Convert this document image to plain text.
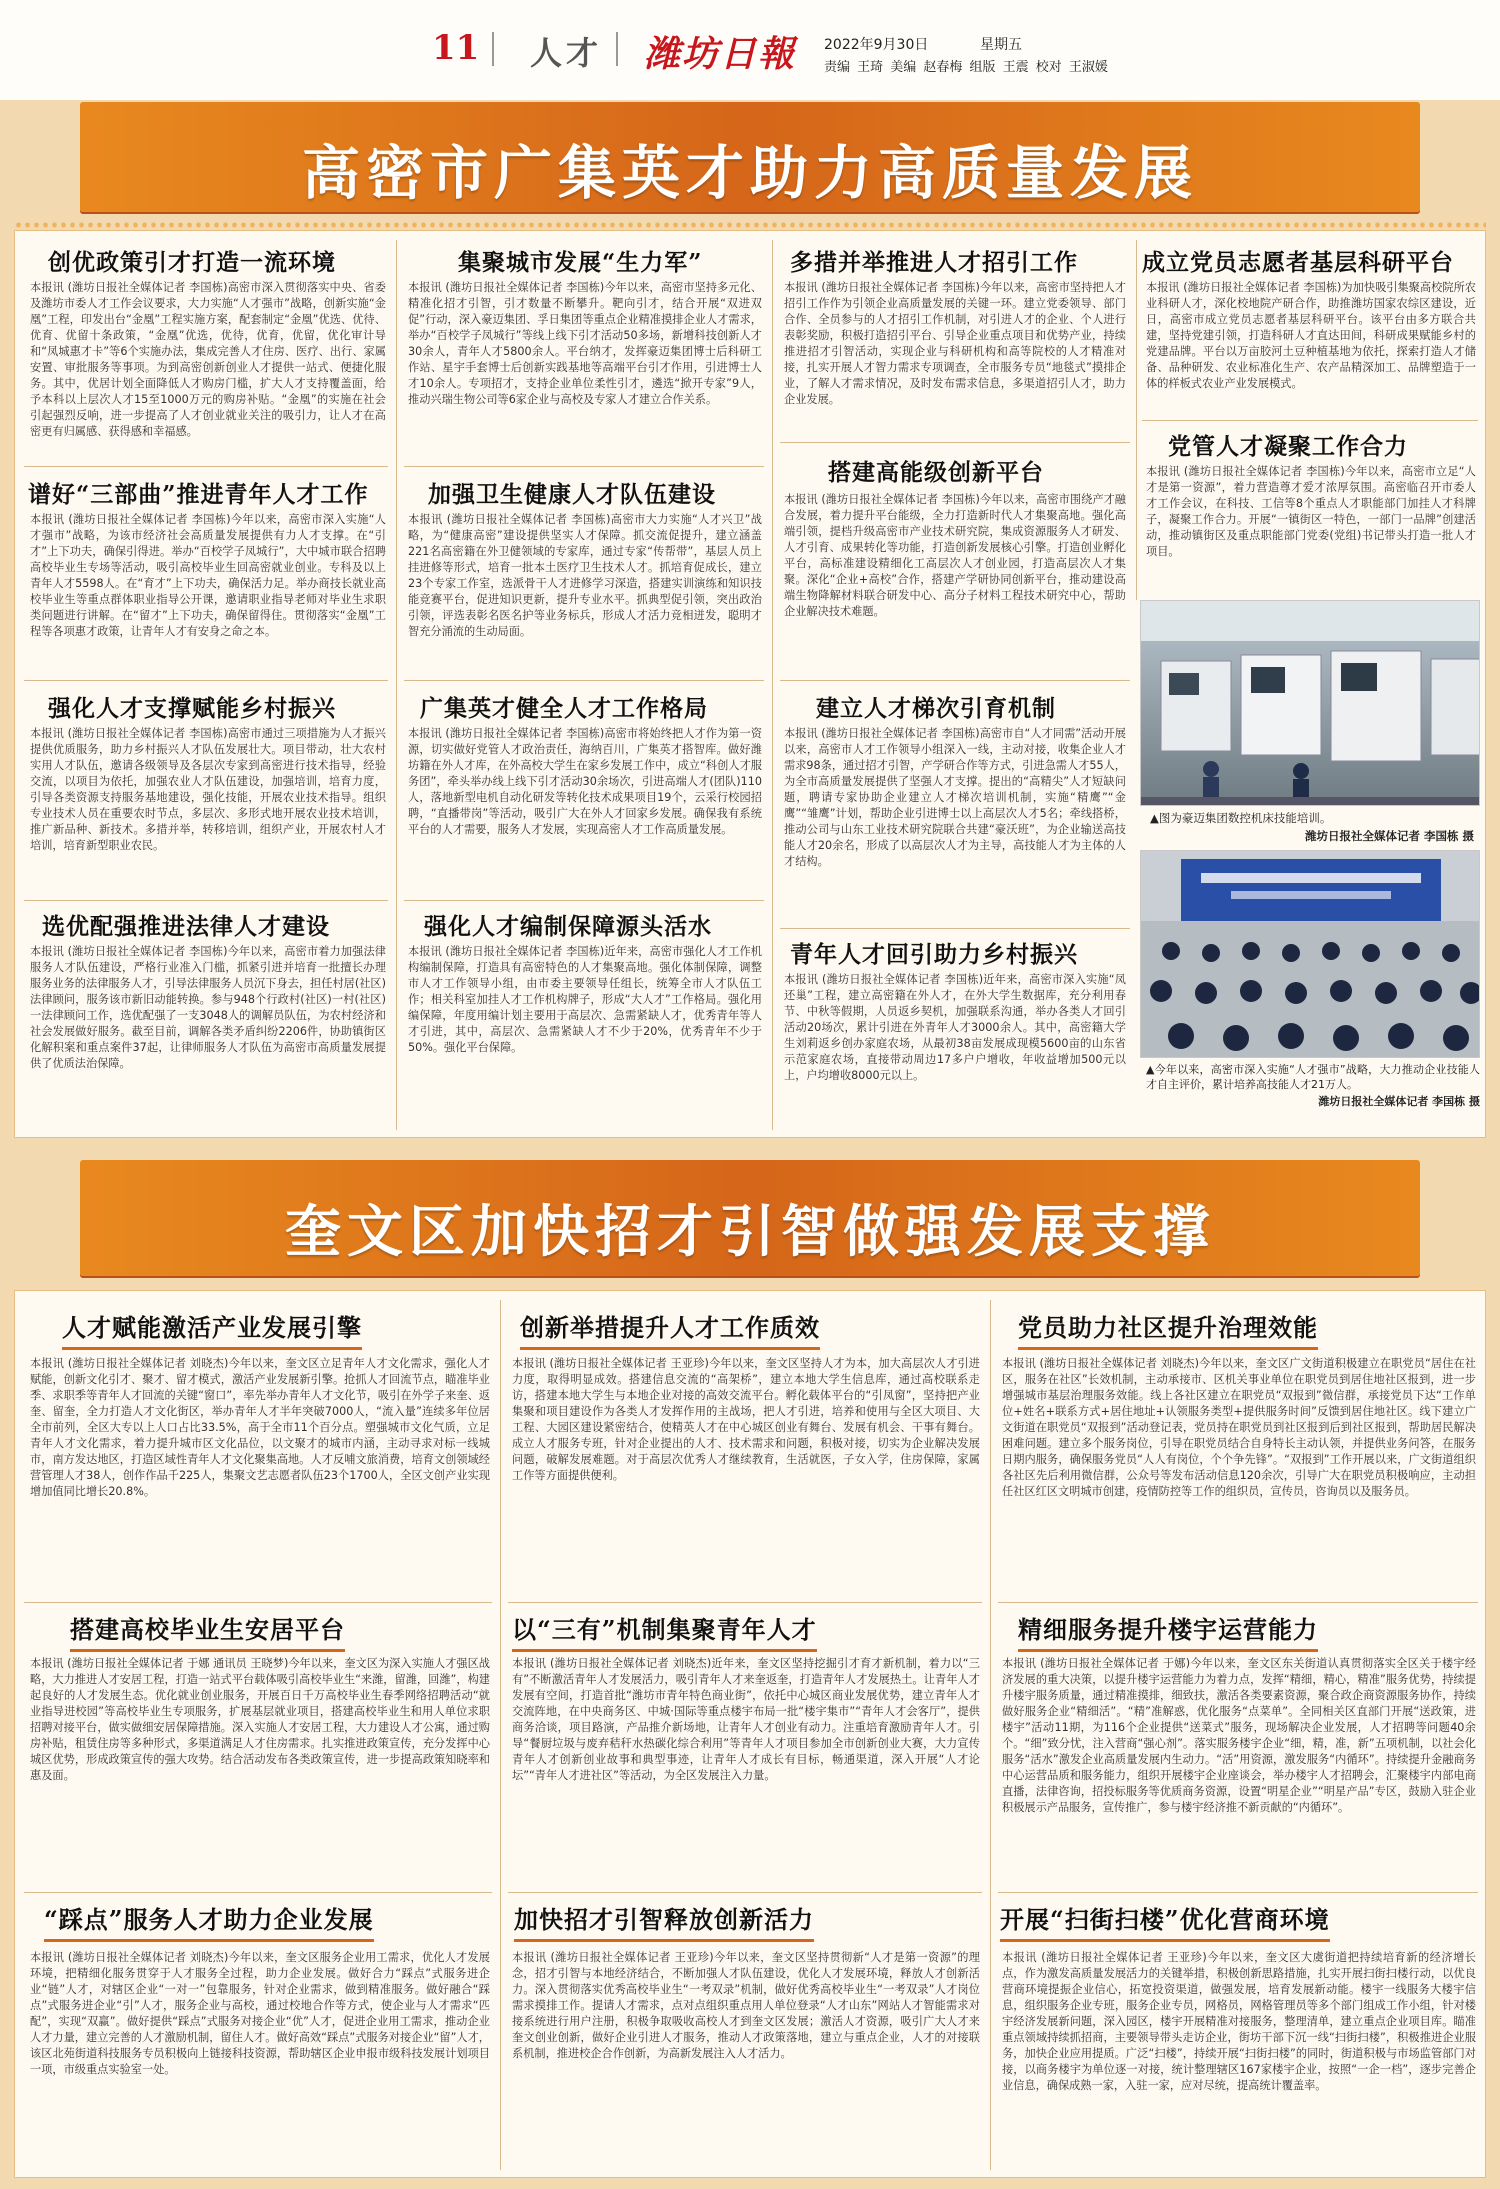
11 人才 潍坊日報 2022年9月30日	星期五
责编 王琦 美编 赵春梅 组版 王震 校对 王淑媛
高密市广集英才助力高质量发展
创优政策引才打造一流环境
本报讯 (潍坊日报社全媒体记者 李国栋)高密市深入贯彻落实中央、省委及潍坊市委人才工作会议要求，大力实施“人才强市”战略，创新实施“金凰”工程，印发出台“金凰”工程实施方案，配套制定“金凰”优选、优待、优育、优留十条政策，“金凰”优选，优待，优育，优留，优化审计导和“凤城惠才卡”等6个实施办法，集成完善人才住房、医疗、出行、家属安置、审批服务等事项。为到高密创新创业人才提供一站式、便捷化服务。其中，优居计划全面降低人才购房门槛，扩大人才支持覆盖面，给予本科以上层次人才15至1000万元的购房补贴。“金凰”的实施在社会引起强烈反响，进一步提高了人才创业就业关注的吸引力，让人才在高密更有归属感、获得感和幸福感。
集聚城市发展“生力军”
本报讯 (潍坊日报社全媒体记者 李国栋)今年以来，高密市坚持多元化、精准化招才引智，引才数量不断攀升。靶向引才，结合开展“双进双促”行动，深入豪迈集团、孚日集团等重点企业精准摸排企业人才需求，举办“百校学子凤城行”等线上线下引才活动50多场，新增科技创新人才30余人，青年人才5800余人。平台纳才，发挥豪迈集团博士后科研工作站、星宇手套博士后创新实践基地等高端平台引才作用，引进博士人才10余人。专项招才，支持企业单位柔性引才，遴选“掀开专家”9人，推动兴瑞生物公司等6家企业与高校及专家人才建立合作关系。
多措并举推进人才招引工作
本报讯 (潍坊日报社全媒体记者 李国栋)今年以来，高密市坚持把人才招引工作作为引领企业高质量发展的关键一环。建立党委领导、部门合作、全员参与的人才招引工作机制，对引进人才的企业、个人进行表彰奖励，积极打造招引平台、引导企业重点项目和优势产业，持续推进招才引智活动，实现企业与科研机构和高等院校的人才精准对接，扎实开展人才智力需求专项调查，全市服务专员“地毯式”摸排企业，了解人才需求情况，及时发布需求信息，多渠道招引人才，助力企业发展。
成立党员志愿者基层科研平台
本报讯 (潍坊日报社全媒体记者 李国栋)为加快吸引集聚高校院所农业科研人才，深化校地院产研合作，助推潍坊国家农综区建设，近日，高密市成立党员志愿者基层科研平台。该平台由多方联合共建，坚持党建引领，打造科研人才直达田间，科研成果赋能乡村的党建品牌。平台以万亩胶河土豆种植基地为依托，探索打造人才储备、品种研发、农业标准化生产、农产品精深加工、品牌塑造于一体的样板式农业产业发展模式。
谱好“三部曲”推进青年人才工作
本报讯 (潍坊日报社全媒体记者 李国栋)今年以来，高密市深入实施“人才强市”战略，为该市经济社会高质量发展提供有力人才支撑。在“引才”上下功夫，确保引得进。举办“百校学子凤城行”，大中城市联合招聘高校毕业生专场等活动，吸引高校毕业生回高密就业创业。专科及以上青年人才5598人。在“育才”上下功夫，确保活力足。举办商技长就业高校毕业生等重点群体职业指导公开课，邀请职业指导老师对毕业生求职类问题进行讲解。在“留才”上下功夫，确保留得住。贯彻落实“金凰”工程等各项惠才政策，让青年人才有安身之命之本。
加强卫生健康人才队伍建设
本报讯 (潍坊日报社全媒体记者 李国栋)高密市大力实施“人才兴卫”战略，为“健康高密”建设提供坚实人才保障。抓交流促提升，建立涵盖221名高密籍在外卫健领域的专家库，通过专家“传帮带”，基层人员上挂进修等形式，培育一批本土医疗卫生技术人才。抓培育促成长，建立23个专家工作室，选派骨干人才进修学习深造，搭建实训演练和知识技能竞赛平台，促进知识更新，提升专业水平。抓典型促引领，突出政治引领，评选表彰名医名护等业务标兵，形成人才活力竞相迸发，聪明才智充分涌流的生动局面。
搭建高能级创新平台
本报讯 (潍坊日报社全媒体记者 李国栋)今年以来，高密市围绕产才融合发展，着力提升平台能级，全力打造新时代人才集聚高地。强化高端引领，提档升级高密市产业技术研究院，集成资源服务人才研发、人才引育、成果转化等功能，打造创新发展核心引擎。打造创业孵化平台，高标准建设精细化工高层次人才创业园，打造高层次人才集聚。深化“企业+高校”合作，搭建产学研协同创新平台，推动建设高端生物降解材料联合研发中心、高分子材料工程技术研究中心，帮助企业解决技术难题。
党管人才凝聚工作合力
本报讯 (潍坊日报社全媒体记者 李国栋)今年以来，高密市立足“人才是第一资源”，着力营造尊才爱才浓厚氛围。高密临召开市委人才工作会议，在科技、工信等8个重点人才职能部门加挂人才科牌子，凝聚工作合力。开展“一镇街区一特色，一部门一品牌”创建活动，推动镇街区及重点职能部门党委(党组)书记带头打造一批人才项目。
强化人才支撑赋能乡村振兴
本报讯 (潍坊日报社全媒体记者 李国栋)高密市通过三项措施为人才振兴提供优质服务，助力乡村振兴人才队伍发展壮大。项目带动，壮大农村实用人才队伍，邀请各级领导及各层次专家到高密进行技术指导，经验交流，以项目为依托，加强农业人才队伍建设，加强培训，培育力度，引导各类资源支持服务基地建设，强化技能，开展农业技术指导。组织专业技术人员在重要农时节点，多层次、多形式地开展农业技术培训，推广新品种、新技术。多措并举，转移培训，组织产业，开展农村人才培训，培育新型职业农民。
广集英才健全人才工作格局
本报讯 (潍坊日报社全媒体记者 李国栋)高密市将始终把人才作为第一资源，切实做好党管人才政治责任，海纳百川，广集英才搭智库。做好潍坊籍在外人才库，在外高校大学生在家乡发展工作中，成立“科创人才服务团”，牵头举办线上线下引才活动30余场次，引进高端人才(团队)110人，落地新型电机自动化研发等转化技术成果项目19个，云采行校园招聘，“直播带岗”等活动，吸引广大在外人才回家乡发展。确保我有系统平台的人才需要，服务人才发展，实现高密人才工作高质量发展。
建立人才梯次引育机制
本报讯 (潍坊日报社全媒体记者 李国栋)高密市自“人才同需”活动开展以来，高密市人才工作领导小组深入一线，主动对接，收集企业人才需求98条，通过招才引智，产学研合作等方式，引进急需人才55人，为全市高质量发展提供了坚强人才支撑。提出的“高精尖”人才短缺问题，聘请专家协助企业建立人才梯次培训机制，实施“精鹰”“金鹰”“雏鹰”计划，帮助企业引进博士以上高层次人才5名；牵线搭桥，推动公司与山东工业技术研究院联合共建“豪沃班”，为企业输送高技能人才20余名，形成了以高层次人才为主导，高技能人才为主体的人才结构。
选优配强推进法律人才建设
本报讯 (潍坊日报社全媒体记者 李国栋)今年以来，高密市着力加强法律服务人才队伍建设，严格行业准入门槛，抓紧引进并培育一批擅长办理服务业务的法律服务人才，引导法律服务人员沉下身去，担任村居(社区)法律顾问，服务该市新旧动能转换。参与948个行政村(社区)一村(社区)一法律顾问工作，选优配强了一支3048人的调解员队伍，为农村经济和社会发展做好服务。截至目前，调解各类矛盾纠纷2206件，协助镇街区化解积案和重点案件37起，让律师服务人才队伍为高密市高质量发展提供了优质法治保障。
强化人才编制保障源头活水
本报讯 (潍坊日报社全媒体记者 李国栋)近年来，高密市强化人才工作机构编制保障，打造具有高密特色的人才集聚高地。强化体制保障，调整市人才工作领导小组，由市委主要领导任组长，统筹全市人才队伍工作；相关科室加挂人才工作机构牌子，形成“大人才”工作格局。强化用编保障，年度用编计划主要用于高层次、急需紧缺人才，优秀青年等人才引进，其中，高层次、急需紧缺人才不少于20%，优秀青年不少于50%。强化平台保障。
青年人才回引助力乡村振兴
本报讯 (潍坊日报社全媒体记者 李国栋)近年来，高密市深入实施“凤还巢”工程，建立高密籍在外人才，在外大学生数据库，充分利用春节、中秋等假期，人员返乡契机，加强联系沟通，举办各类人才回引活动20场次，累计引进在外青年人才3000余人。其中，高密籍大学生刘莉返乡创办家庭农场，从最初38亩发展成现模5600亩的山东省示范家庭农场，直接带动周边17多户户增收，年收益增加500元以上，户均增收8000元以上。
▲图为豪迈集团数控机床技能培训。
潍坊日报社全媒体记者 李国栋 摄
▲今年以来，高密市深入实施“人才强市”战略，大力推动企业技能人才自主评价，累计培养高技能人才21万人。
潍坊日报社全媒体记者 李国栋 摄
奎文区加快招才引智做强发展支撑
人才赋能激活产业发展引擎
本报讯 (潍坊日报社全媒体记者 刘晓杰)今年以来，奎文区立足青年人才文化需求，强化人才赋能，创新文化引才、聚才、留才模式，激活产业发展新引擎。抢抓人才回流节点，瞄准毕业季、求职季等青年人才回流的关键“窗口”，率先举办青年人才文化节，吸引在外学子来奎、返奎、留奎，全力打造人才文化街区，举办青年人才半年突破7000人，“流入量”连续多年位居全市前列，全区大专以上人口占比33.5%，高于全市11个百分点。塑强城市文化气质，立足青年人才文化需求，着力提升城市区文化品位，以文聚才的城市内涵，主动寻求对标一线城市，南方发达地区，打造区域性青年人才文化聚集高地。人才反哺文旅消费，培育文创领域经营管理人才38人，创作作品千225人，集聚文艺志愿者队伍23个1700人，全区文创产业实现增加值同比增长20.8%。
创新举措提升人才工作质效
本报讯 (潍坊日报社全媒体记者 王亚珍)今年以来，奎文区坚持人才为本，加大高层次人才引进力度，取得明显成效。搭建信息交流的“高架桥”，建立本地大学生信息库，通过高校联系走访，搭建本地大学生与本地企业对接的高效交流平台。孵化载体平台的“引凤窗”，坚持把产业集聚和项目建设作为各类人才发挥作用的主战场，把人才引进，培养和使用与全区大项目、大工程、大园区建设紧密结合，使精英人才在中心城区创业有舞台、发展有机会、干事有舞台。成立人才服务专班，针对企业提出的人才、技术需求和问题，积极对接，切实为企业解决发展问题，破解发展难题。对于高层次优秀人才继续教育，生活就医，子女入学，住房保障，家属工作等方面提供便利。
党员助力社区提升治理效能
本报讯 (潍坊日报社全媒体记者 刘晓杰)今年以来，奎文区广文街道积极建立在职党员“居住在社区，服务在社区”长效机制，主动承接市、区机关事业单位在职党员到居住地社区报到，进一步增强城市基层治理服务效能。线上各社区建立在职党员“双报到”微信群，承接党员下达“工作单位+姓名+联系方式+居住地址+认领服务类型+提供服务时间”反馈到居住地社区。线下建立广文街道在职党员“双报到”活动登记表，党员持在职党员到社区报到后到社区报到，帮助居民解决困难问题。建立多个服务岗位，引导在职党员结合自身特长主动认领，并提供业务问答，在服务日期内服务，确保服务党员“人人有岗位，个个争先锋”。“双报到”工作开展以来，广文街道组织各社区先后利用微信群，公众号等发布活动信息120余次，引导广大在职党员积极响应，主动担任社区红区文明城市创建，疫情防控等工作的组织员，宣传员，咨询员以及服务员。
搭建高校毕业生安居平台
本报讯 (潍坊日报社全媒体记者 于娜 通讯员 王晓梦)今年以来，奎文区为深入实施人才强区战略，大力推进人才安居工程，打造一站式平台载体吸引高校毕业生“来潍，留潍，回潍”，构建起良好的人才发展生态。优化就业创业服务，开展百日千万高校毕业生春季网络招聘活动“就业指导进校园”等高校毕业生专项服务，扩展基层就业项目，搭建高校毕业生和用人单位求职招聘对接平台，做实做细安居保障措施。深入实施人才安居工程，大力建设人才公寓，通过购房补贴，租赁住房等多种形式，多渠道满足人才住房需求。扎实推进政策宣传，充分发挥中心城区优势，形成政策宣传的强大攻势。结合活动发布各类政策宣传，进一步提高政策知晓率和惠及面。
以“三有”机制集聚青年人才
本报讯 (潍坊日报社全媒体记者 刘晓杰)近年来，奎文区坚持挖掘引才育才新机制，着力以“三有”不断激活青年人才发展活力，吸引青年人才来奎返奎，打造青年人才发展热土。让青年人才发展有空间，打造首批“潍坊市青年特色商业街”，依托中心城区商业发展优势，建立青年人才交流阵地，在中央商务区、中城·国际等重点楼宇布局一批“楼宇集市”“青年人才会客厅”，提供商务洽谈，项目路演，产品推介新场地，让青年人才创业有动力。注重培育激励青年人才。引导“餐厨垃圾与废弃秸秆水热碳化综合利用”等青年人才项目参加全市创新创业大赛，大力宣传青年人才创新创业故事和典型事迹，让青年人才成长有目标，畅通渠道，深入开展“人才论坛”“青年人才进社区”等活动，为全区发展注入力量。
精细服务提升楼宇运营能力
本报讯 (潍坊日报社全媒体记者 于娜)今年以来，奎文区东关街道认真贯彻落实全区关于楼宇经济发展的重大决策，以提升楼宇运营能力为着力点，发挥“精细，精心，精准”服务优势，持续提升楼宇服务质量，通过精准摸排，细致扶，激活各类要素资源，聚合政企商资源服务协作，持续做好服务企业“精细活”。“精”准解惑，优化服务“点菜单”。全同相关区直部门开展“送政策，进楼宇”活动11期，为116个企业提供“送菜式”服务，现场解决企业发展，人才招聘等问题40余个。“细”致分忧，注入营商“强心剂”。落实服务楼宇企业“细，精，准，新”五项机制，以社会化服务“活水”激发企业高质量发展内生动力。“活”用资源，激发服务“内循环”。持续提升金融商务中心运营品质和服务能力，组织开展楼宇企业座谈会，举办楼宇人才招聘会，汇聚楼宇内部电商直播，法律咨询，招投标服务等优质商务资源，设置“明星企业”“明星产品”专区，鼓励入驻企业积极展示产品服务，宣传推广，参与楼宇经济推不新贡献的“内循环”。
“踩点”服务人才助力企业发展
本报讯 (潍坊日报社全媒体记者 刘晓杰)今年以来，奎文区服务企业用工需求，优化人才发展环境，把精细化服务贯穿于人才服务全过程，助力企业发展。做好合力“踩点”式服务进企业“链”人才，对辖区企业“一对一”包靠服务，针对企业需求，做到精准服务。做好融合“踩点”式服务进企业“引”人才，服务企业与高校，通过校地合作等方式，使企业与人才需求“匹配”，实现“双赢”。做好提供“踩点”式服务对接企业“优”人才，促进企业用工需求，推动企业人才力量，建立完善的人才激励机制，留住人才。做好高效“踩点”式服务对接企业“留”人才，该区北苑街道科技服务专员积极向上链接科技资源，帮助辖区企业申报市级科技发展计划项目一项，市级重点实验室一处。
加快招才引智释放创新活力
本报讯 (潍坊日报社全媒体记者 王亚珍)今年以来，奎文区坚持贯彻新“人才是第一资源”的理念，招才引智与本地经济结合，不断加强人才队伍建设，优化人才发展环境，释放人才创新活力。深入贯彻落实优秀高校毕业生“一考双录”机制，做好优秀高校毕业生“一考双录”人才岗位需求摸排工作。提请人才需求，点对点组织重点用人单位登录“人才山东”网站人才智能需求对接系统进行用户注册，积极争取吸收高校人才到奎文区发展；激活人才资源，吸引广大人才来奎文创业创新，做好企业引进人才服务，推动人才政策落地，建立与重点企业，人才的对接联系机制，推进校企合作创新，为高新发展注入人才活力。
开展“扫街扫楼”优化营商环境
本报讯 (潍坊日报社全媒体记者 王亚珍)今年以来，奎文区大虞街道把持续培育新的经济增长点，作为激发高质量发展活力的关键举措，积极创新思路措施，扎实开展扫街扫楼行动，以优良营商环境提振企业信心，拓宽投资渠道，做强发展，培育发展新动能。楼宇一线服务大楼宇信息，组织服务企业专班，服务企业专员，网格员，网格管理员等多个部门组成工作小组，针对楼宇经济发展新问题，深入园区，楼宇开展精准对接服务，整理清单，建立重点企业项目库。瞄准重点领域持续抓招商，主要领导带头走访企业，街坊干部下沉一线“扫街扫楼”，积极推进企业服务，加快企业应用提质。广泛“扫楼”，持续开展“扫街扫楼”的同时，街道积极与市场监管部门对接，以商务楼宇为单位逐一对接，统计整理辖区167家楼宇企业，按照“一企一档”，逐步完善企业信息，确保成熟一家，入驻一家，应对尽统，提高统计覆盖率。
